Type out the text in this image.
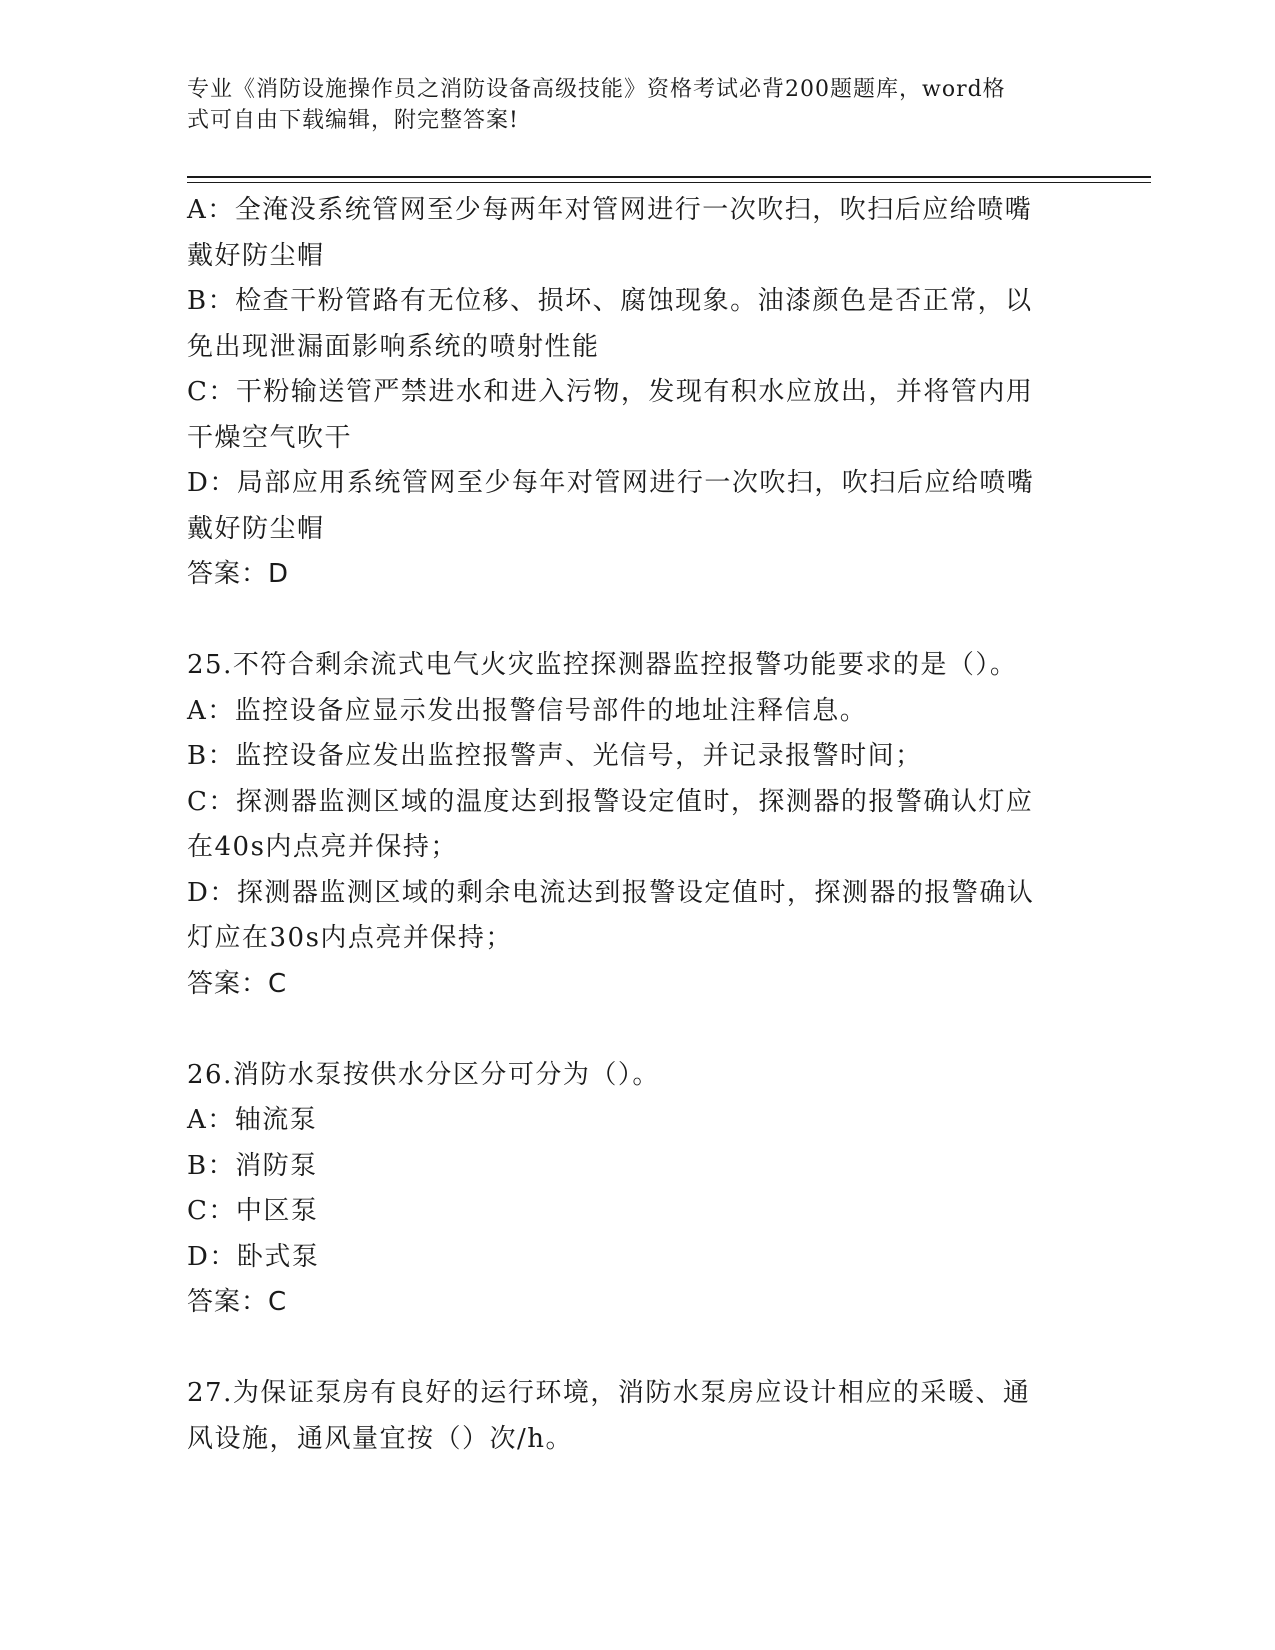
专业《消防设施操作员之消防设备高级技能》资格考试必背200题题库，word格
式可自由下载编辑，附完整答案!
A：全淹没系统管网至少每两年对管网进行一次吹扫，吹扫后应给喷嘴
戴好防尘帽
B：检查干粉管路有无位移、损坏、腐蚀现象。油漆颜色是否正常，以
免出现泄漏面影响系统的喷射性能
C：干粉输送管严禁进水和进入污物，发现有积水应放出，并将管内用
干燥空气吹干
D：局部应用系统管网至少每年对管网进行一次吹扫，吹扫后应给喷嘴
戴好防尘帽
答案：D
25.不符合剩余流式电气火灾监控探测器监控报警功能要求的是（）。
A：监控设备应显示发出报警信号部件的地址注释信息。
B：监控设备应发出监控报警声、光信号，并记录报警时间；
C：探测器监测区域的温度达到报警设定值时，探测器的报警确认灯应
在40s内点亮并保持；
D：探测器监测区域的剩余电流达到报警设定值时，探测器的报警确认
灯应在30s内点亮并保持；
答案：C
26.消防水泵按供水分区分可分为（）。
A：轴流泵
B：消防泵
C：中区泵
D：卧式泵
答案：C
27.为保证泵房有良好的运行环境，消防水泵房应设计相应的采暖、通
风设施，通风量宜按（）次/h。
